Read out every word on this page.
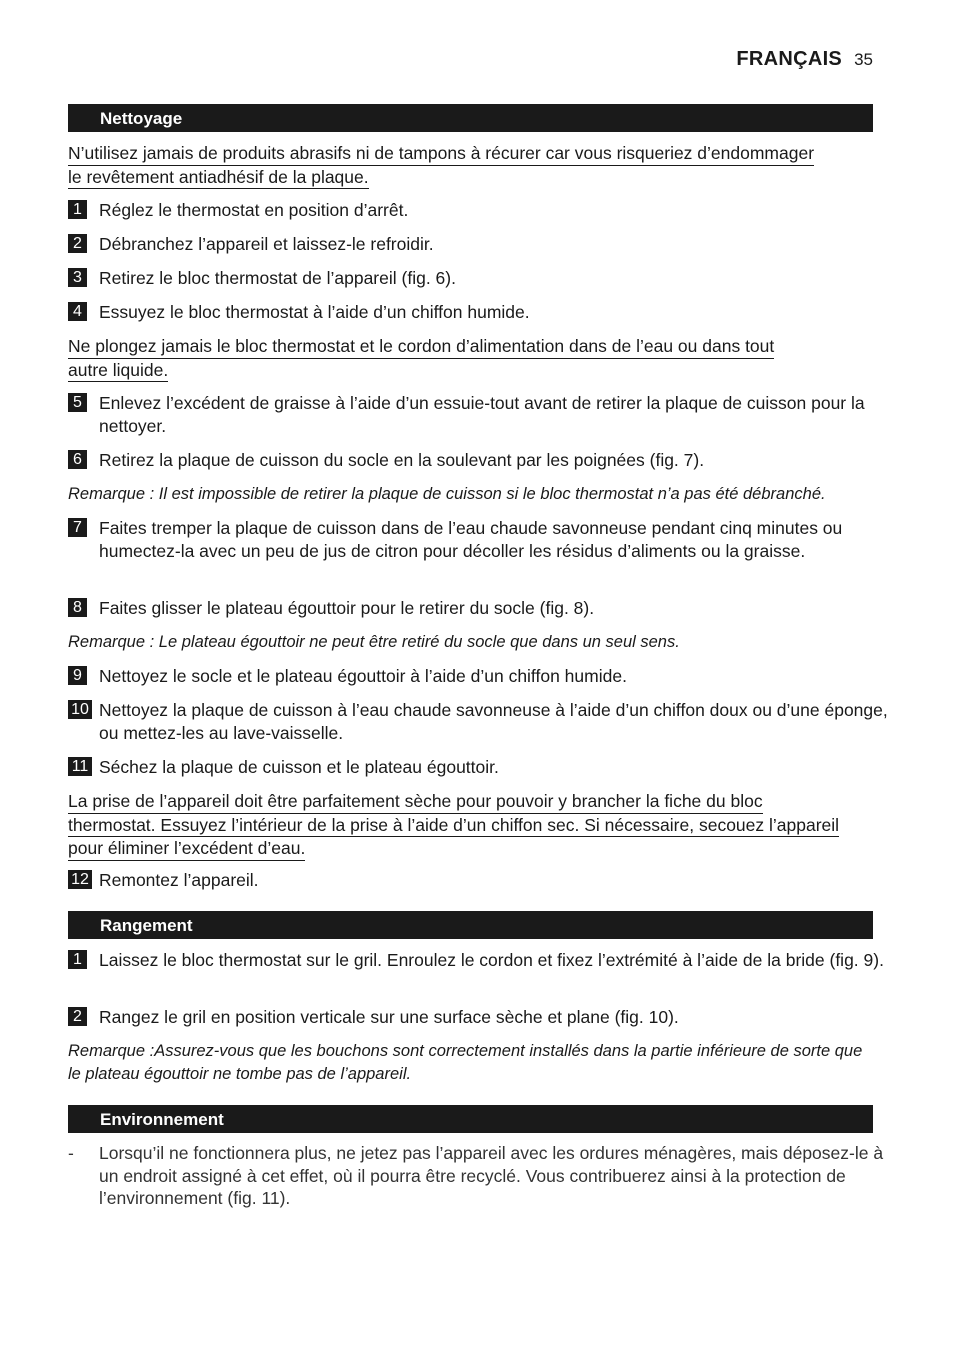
FRANÇAIS 35
Nettoyage
N’utilisez jamais de produits abrasifs ni de tampons à récurer car vous risqueriez d’endommager
le revêtement antiadhésif de la plaque.
1 Réglez le thermostat en position d’arrêt.
2 Débranchez l’appareil et laissez-le refroidir.
3 Retirez le bloc thermostat de l’appareil (fig. 6).
4 Essuyez le bloc thermostat à l’aide d’un chiffon humide.
Ne plongez jamais le bloc thermostat et le cordon d’alimentation dans de l’eau ou dans tout
autre liquide.
5 Enlevez l’excédent de graisse à l’aide d’un essuie-tout avant de retirer la plaque de cuisson pour la nettoyer.
6 Retirez la plaque de cuisson du socle en la soulevant par les poignées (fig. 7).
Remarque : Il est impossible de retirer la plaque de cuisson si le bloc thermostat n’a pas été débranché.
7 Faites tremper la plaque de cuisson dans de l’eau chaude savonneuse pendant cinq minutes ou humectez-la avec un peu de jus de citron pour décoller les résidus d’aliments ou la graisse.
8 Faites glisser le plateau égouttoir pour le retirer du socle (fig. 8).
Remarque : Le plateau égouttoir ne peut être retiré du socle que dans un seul sens.
9 Nettoyez le socle et le plateau égouttoir à l’aide d’un chiffon humide.
10 Nettoyez la plaque de cuisson à l’eau chaude savonneuse à l’aide d’un chiffon doux ou d’une éponge, ou mettez-les au lave-vaisselle.
11 Séchez la plaque de cuisson et le plateau égouttoir.
La prise de l’appareil doit être parfaitement sèche pour pouvoir y brancher la fiche du bloc
thermostat. Essuyez l’intérieur de la prise à l’aide d’un chiffon sec. Si nécessaire, secouez l’appareil
pour éliminer l’excédent d’eau.
12 Remontez l’appareil.
Rangement
1 Laissez le bloc thermostat sur le gril. Enroulez le cordon et fixez l’extrémité à l’aide de la bride (fig. 9).
2 Rangez le gril en position verticale sur une surface sèche et plane (fig. 10).
Remarque :Assurez-vous que les bouchons sont correctement installés dans la partie inférieure de sorte que le plateau égouttoir ne tombe pas de l’appareil.
Environnement
- Lorsqu’il ne fonctionnera plus, ne jetez pas l’appareil avec les ordures ménagères, mais déposez-le à un endroit assigné à cet effet, où il pourra être recyclé. Vous contribuerez ainsi à la protection de l’environnement (fig. 11).
